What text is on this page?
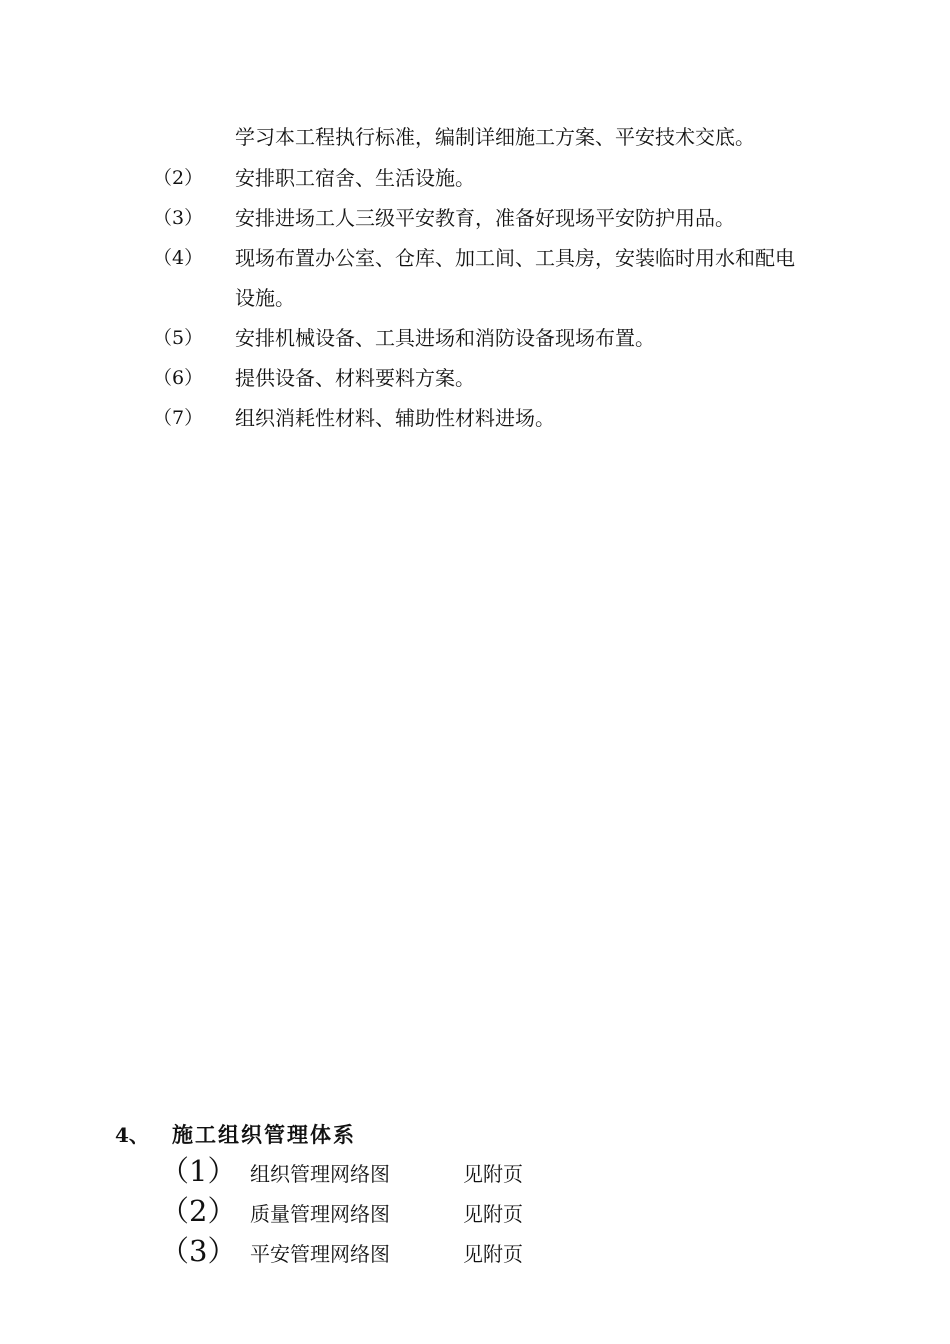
学习本工程执行标准，编制详细施工方案、平安技术交底。
（2） 安排职工宿舍、生活设施。
（3） 安排进场工人三级平安教育，准备好现场平安防护用品。
（4） 现场布置办公室、仓库、加工间、工具房，安装临时用水和配电
设施。
（5） 安排机械设备、工具进场和消防设备现场布置。
（6） 提供设备、材料要料方案。
（7） 组织消耗性材料、辅助性材料进场。
4、 施工组织管理体系
（1） 组织管理网络图	见附页
（2） 质量管理网络图	见附页
（3） 平安管理网络图	见附页
